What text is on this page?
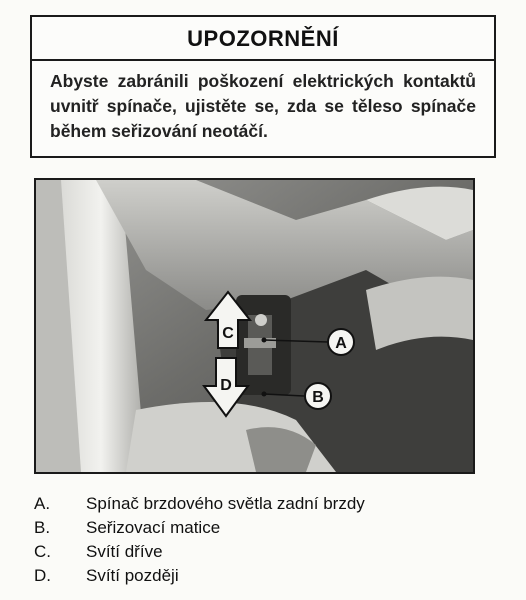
UPOZORNĚNÍ
Abyste zabránili poškození elektrických kontaktů uvnitř spínače, ujistěte se, zda se těleso spínače během seřizování neotáčí.
C
D
A
B
A.	Spínač brzdového světla zadní brzdy
B.	Seřizovací matice
C.	Svítí dříve
D.	Svítí později
